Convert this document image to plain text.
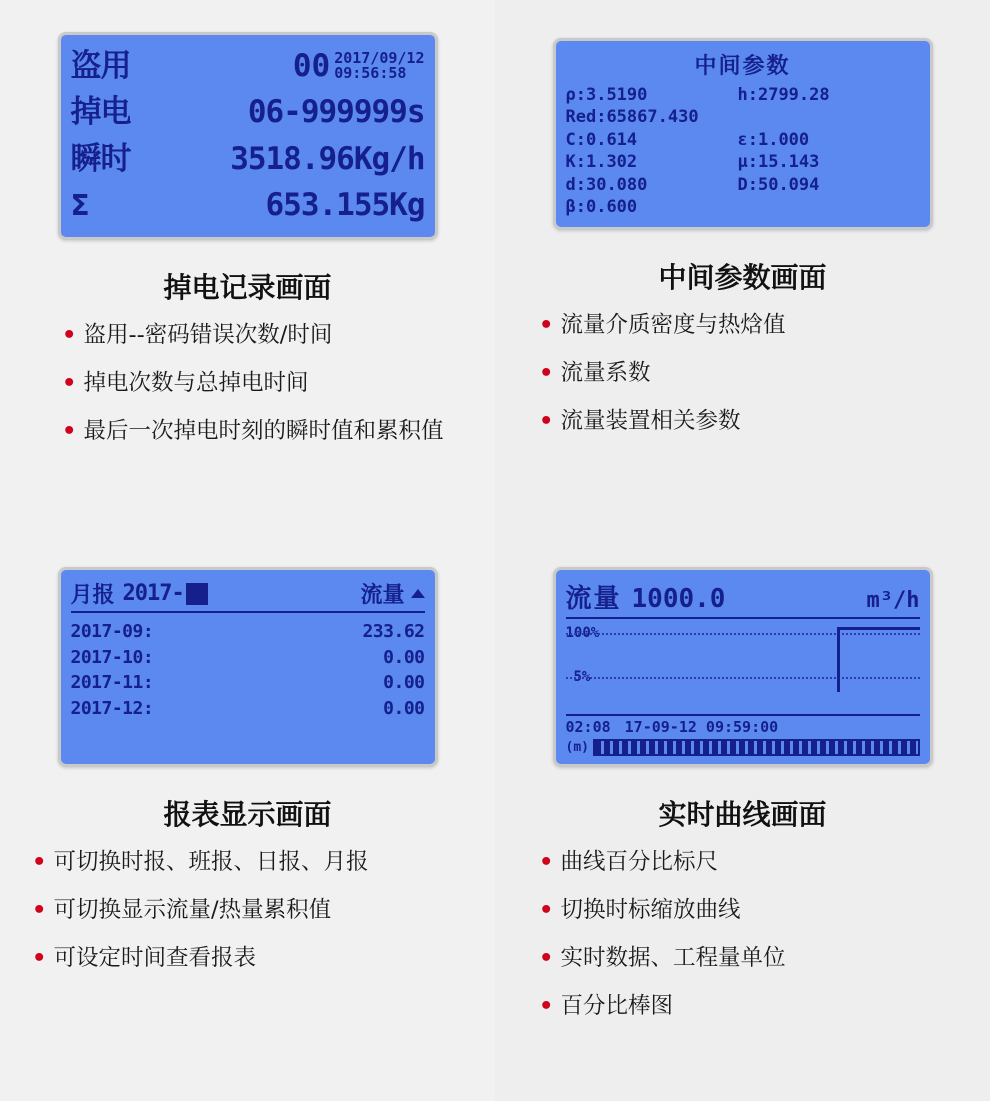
盗用	00 2017/09/12
09:56:58
掉电	06-999999s
瞬时	3518.96Kg/h
Σ	653.155Kg
掉电记录画面
• 盗用--密码错误次数/时间
• 掉电次数与总掉电时间
• 最后一次掉电时刻的瞬时值和累积值
中间参数
ρ:3.5190	h:2799.28
Red:65867.430
C:0.614	ε:1.000
K:1.302	μ:15.143
d:30.080	D:50.094
β:0.600
中间参数画面
• 流量介质密度与热焓值
• 流量系数
• 流量装置相关参数
月报 2017-	流量
2017-09:	233.62
2017-10:	0.00
2017-11:	0.00
2017-12:	0.00
报表显示画面
• 可切换时报、班报、日报、月报
• 可切换显示流量/热量累积值
• 可设定时间查看报表
流量 1000.0	m³/h
100%
5%
02:08 17-09-12 09:59:00
(m)
实时曲线画面
• 曲线百分比标尺
• 切换时标缩放曲线
• 实时数据、工程量单位
• 百分比棒图
